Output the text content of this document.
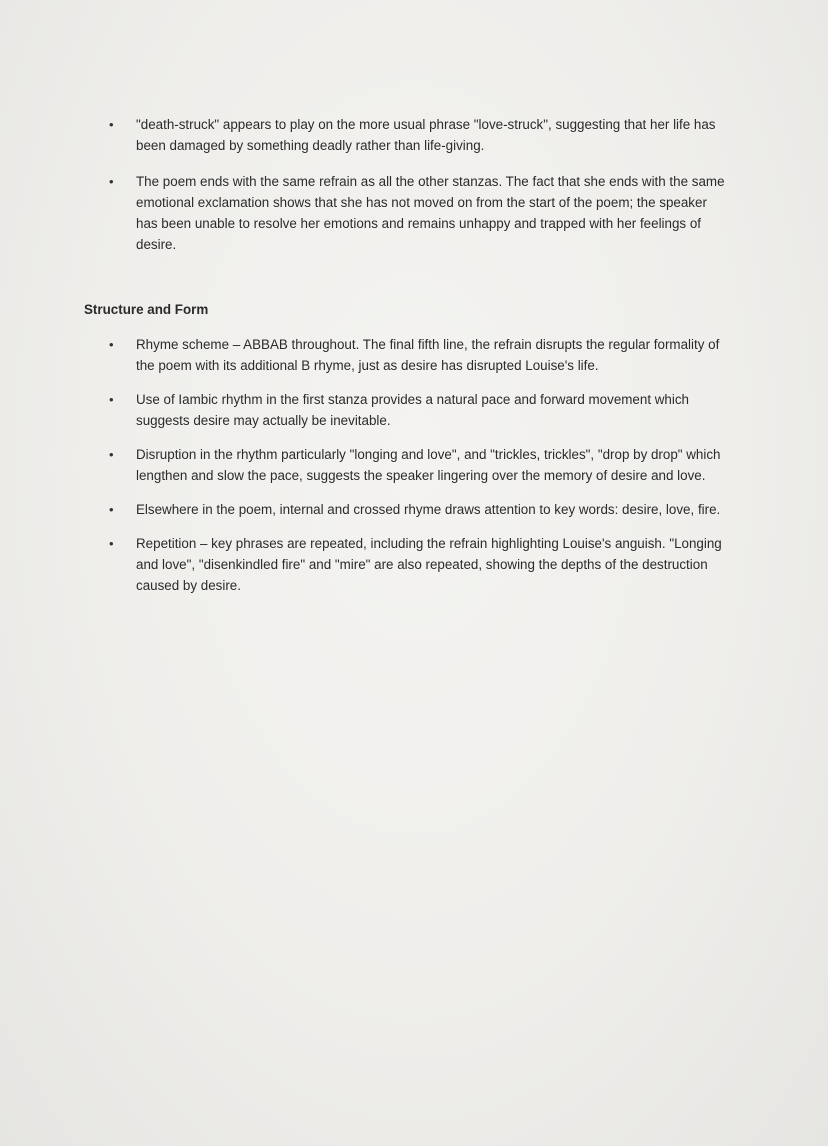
• "death-struck" appears to play on the more usual phrase "love-struck", suggesting that her life has been damaged by something deadly rather than life-giving.
• The poem ends with the same refrain as all the other stanzas. The fact that she ends with the same emotional exclamation shows that she has not moved on from the start of the poem; the speaker has been unable to resolve her emotions and remains unhappy and trapped with her feelings of desire.
Structure and Form
• Rhyme scheme – ABBAB throughout. The final fifth line, the refrain disrupts the regular formality of the poem with its additional B rhyme, just as desire has disrupted Louise's life.
• Use of Iambic rhythm in the first stanza provides a natural pace and forward movement which suggests desire may actually be inevitable.
• Disruption in the rhythm particularly "longing and love", and "trickles, trickles", "drop by drop" which lengthen and slow the pace, suggests the speaker lingering over the memory of desire and love.
• Elsewhere in the poem, internal and crossed rhyme draws attention to key words: desire, love, fire.
• Repetition – key phrases are repeated, including the refrain highlighting Louise's anguish. "Longing and love", "disenkindled fire" and "mire" are also repeated, showing the depths of the destruction caused by desire.
